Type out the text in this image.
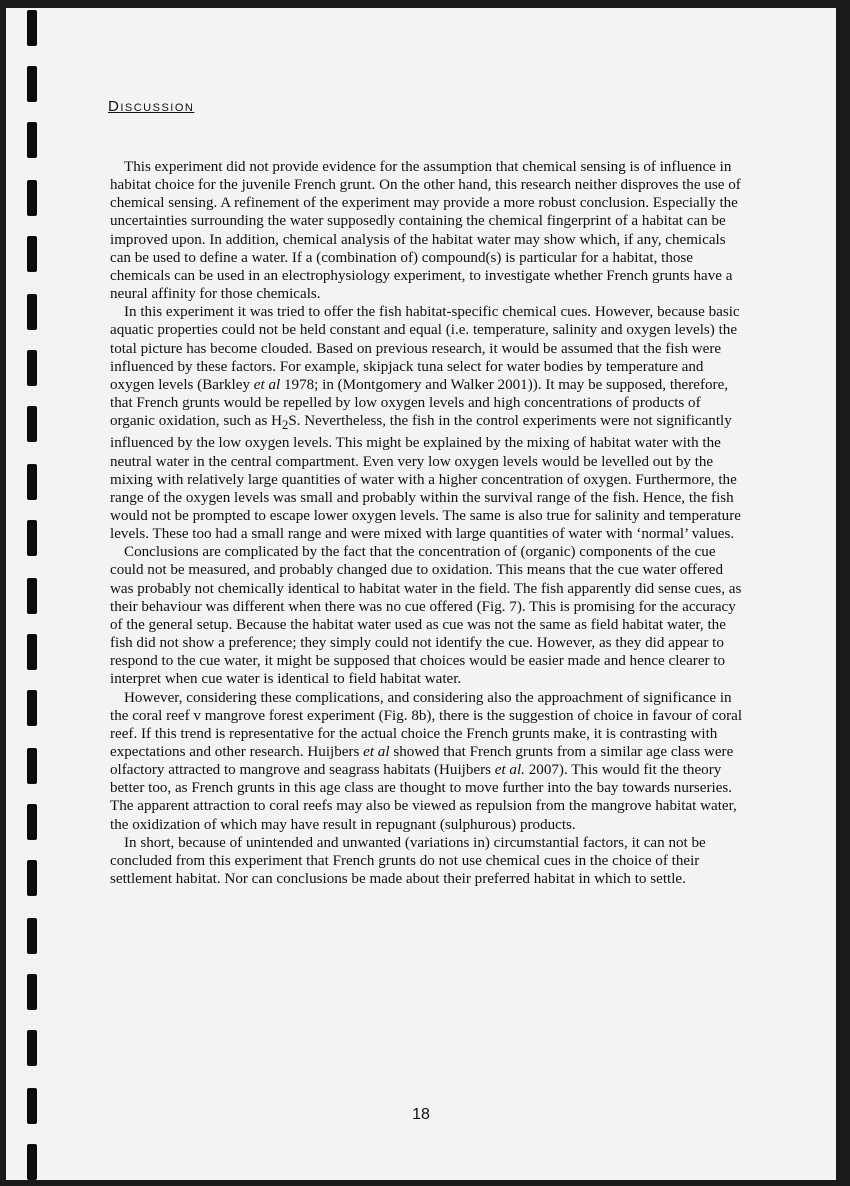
Discussion

This experiment did not provide evidence for the assumption that chemical sensing is of influence in habitat choice for the juvenile French grunt. On the other hand, this research neither disproves the use of chemical sensing. A refinement of the experiment may provide a more robust conclusion. Especially the uncertainties surrounding the water supposedly containing the chemical fingerprint of a habitat can be improved upon. In addition, chemical analysis of the habitat water may show which, if any, chemicals can be used to define a water. If a (combination of) compound(s) is particular for a habitat, those chemicals can be used in an electrophysiology experiment, to investigate whether French grunts have a neural affinity for those chemicals.

In this experiment it was tried to offer the fish habitat-specific chemical cues. However, because basic aquatic properties could not be held constant and equal (i.e. temperature, salinity and oxygen levels) the total picture has become clouded. Based on previous research, it would be assumed that the fish were influenced by these factors. For example, skipjack tuna select for water bodies by temperature and oxygen levels (Barkley et al 1978; in (Montgomery and Walker 2001)). It may be supposed, therefore, that French grunts would be repelled by low oxygen levels and high concentrations of products of organic oxidation, such as $H_2S$. Nevertheless, the fish in the control experiments were not significantly influenced by the low oxygen levels. This might be explained by the mixing of habitat water with the neutral water in the central compartment. Even very low oxygen levels would be levelled out by the mixing with relatively large quantities of water with a higher concentration of oxygen. Furthermore, the range of the oxygen levels was small and probably within the survival range of the fish. Hence, the fish would not be prompted to escape lower oxygen levels. The same is also true for salinity and temperature levels. These too had a small range and were mixed with large quantities of water with ‘normal’ values.

Conclusions are complicated by the fact that the concentration of (organic) components of the cue could not be measured, and probably changed due to oxidation. This means that the cue water offered was probably not chemically identical to habitat water in the field. The fish apparently did sense cues, as their behaviour was different when there was no cue offered (Fig. 7). This is promising for the accuracy of the general setup. Because the habitat water used as cue was not the same as field habitat water, the fish did not show a preference; they simply could not identify the cue. However, as they did appear to respond to the cue water, it might be supposed that choices would be easier made and hence clearer to interpret when cue water is identical to field habitat water.

However, considering these complications, and considering also the approachment of significance in the coral reef v mangrove forest experiment (Fig. 8b), there is the suggestion of choice in favour of coral reef. If this trend is representative for the actual choice the French grunts make, it is contrasting with expectations and other research. Huijbers et al showed that French grunts from a similar age class were olfactory attracted to mangrove and seagrass habitats (Huijbers et al. 2007). This would fit the theory better too, as French grunts in this age class are thought to move further into the bay towards nurseries. The apparent attraction to coral reefs may also be viewed as repulsion from the mangrove habitat water, the oxidization of which may have result in repugnant (sulphurous) products.

In short, because of unintended and unwanted (variations in) circumstantial factors, it can not be concluded from this experiment that French grunts do not use chemical cues in the choice of their settlement habitat. Nor can conclusions be made about their preferred habitat in which to settle.

18
